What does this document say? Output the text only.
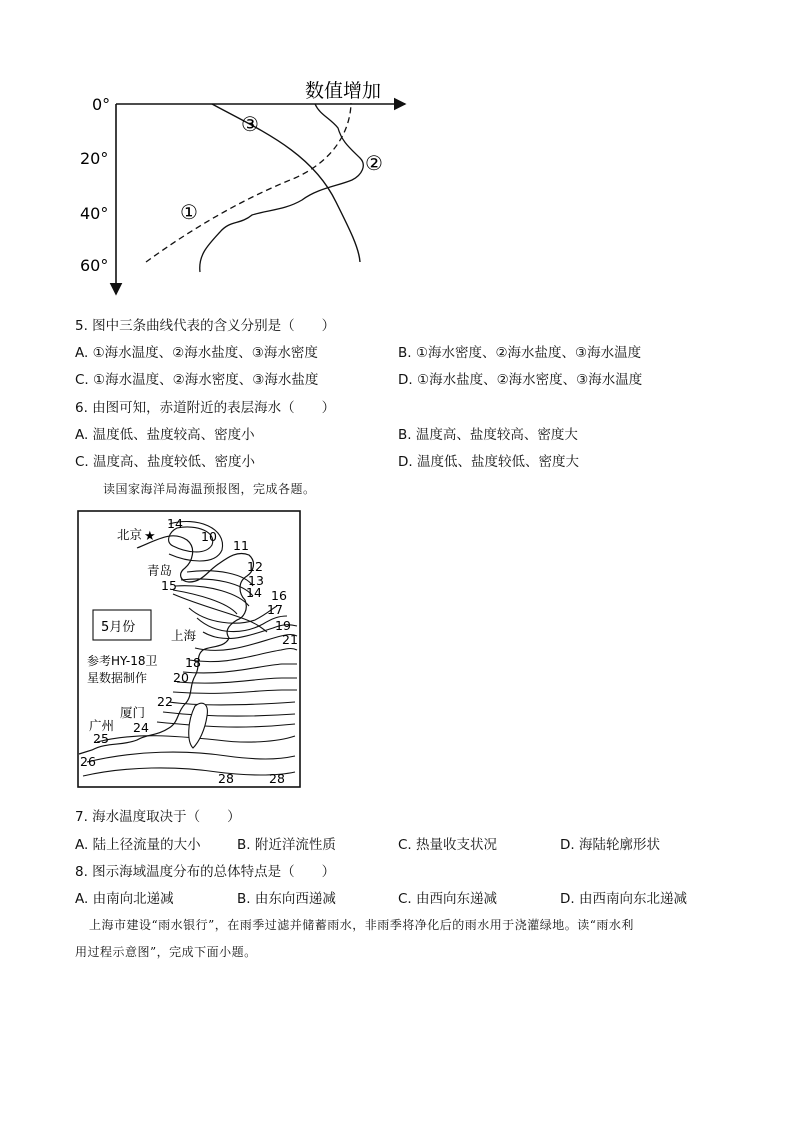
数值增加
0°
20°
40°
60°
①
②
③
5. 图中三条曲线代表的含义分别是（　　）
A. ①海水温度、②海水盐度、③海水密度	B. ①海水密度、②海水盐度、③海水温度
C. ①海水温度、②海水密度、③海水盐度	D. ①海水盐度、②海水密度、③海水温度
6. 由图可知，赤道附近的表层海水（　　）
A. 温度低、盐度较高、密度小	B. 温度高、盐度较高、密度大
C. 温度高、盐度较低、密度小	D. 温度低、盐度较低、密度大
读国家海洋局海温预报图，完成各题。
★
北京
青岛
上海
厦门
广州
5月份
参考HY-18卫
星数据制作
14
10
11
12
13
14
15
16
17
19
21
18
20
22
24
25
26
28	28
7. 海水温度取决于（　　）
A. 陆上径流量的大小	B. 附近洋流性质	C. 热量收支状况	D. 海陆轮廓形状
8. 图示海域温度分布的总体特点是（　　）
A. 由南向北递减	B. 由东向西递减	C. 由西向东递减	D. 由西南向东北递减
上海市建设“雨水银行”，在雨季过滤并储蓄雨水，非雨季将净化后的雨水用于浇灌绿地。读“雨水利
用过程示意图”，完成下面小题。
